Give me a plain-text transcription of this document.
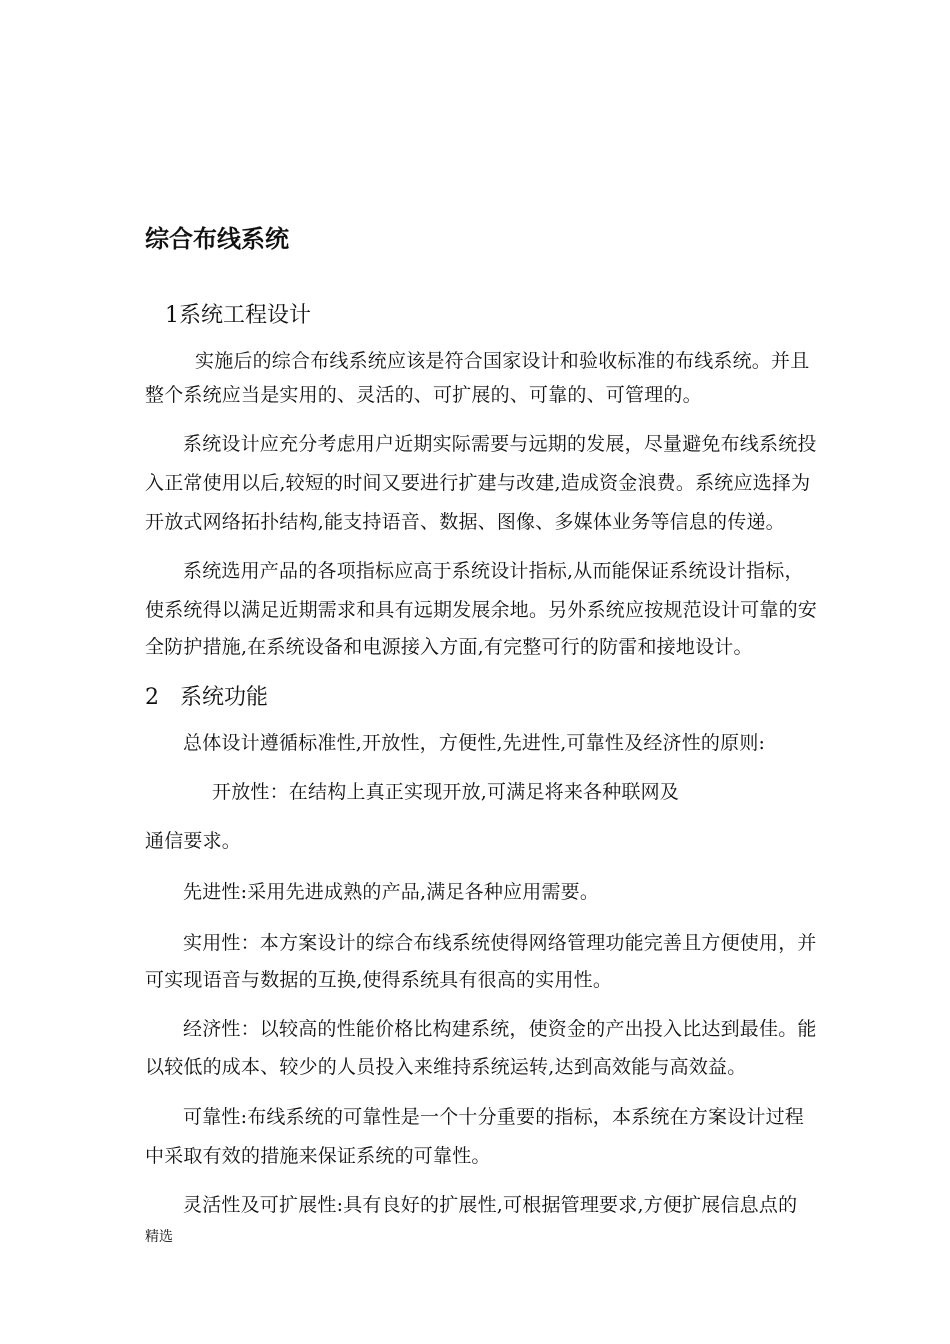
综合布线系统
1系统工程设计
实施后的综合布线系统应该是符合国家设计和验收标准的布线系统。并且
整个系统应当是实用的、灵活的、可扩展的、可靠的、可管理的。
系统设计应充分考虑用户近期实际需要与远期的发展，尽量避免布线系统投
入正常使用以后,较短的时间又要进行扩建与改建,造成资金浪费。系统应选择为
开放式网络拓扑结构,能支持语音、数据、图像、多媒体业务等信息的传递。
系统选用产品的各项指标应高于系统设计指标,从而能保证系统设计指标，
使系统得以满足近期需求和具有远期发展余地。另外系统应按规范设计可靠的安
全防护措施,在系统设备和电源接入方面,有完整可行的防雷和接地设计。
2 系统功能
总体设计遵循标准性,开放性，方便性,先进性,可靠性及经济性的原则:
开放性：在结构上真正实现开放,可满足将来各种联网及
通信要求。
先进性:采用先进成熟的产品,满足各种应用需要。
实用性：本方案设计的综合布线系统使得网络管理功能完善且方便使用，并
可实现语音与数据的互换,使得系统具有很高的实用性。
经济性：以较高的性能价格比构建系统，使资金的产出投入比达到最佳。能
以较低的成本、较少的人员投入来维持系统运转,达到高效能与高效益。
可靠性:布线系统的可靠性是一个十分重要的指标，本系统在方案设计过程
中采取有效的措施来保证系统的可靠性。
灵活性及可扩展性:具有良好的扩展性,可根据管理要求,方便扩展信息点的
精选
